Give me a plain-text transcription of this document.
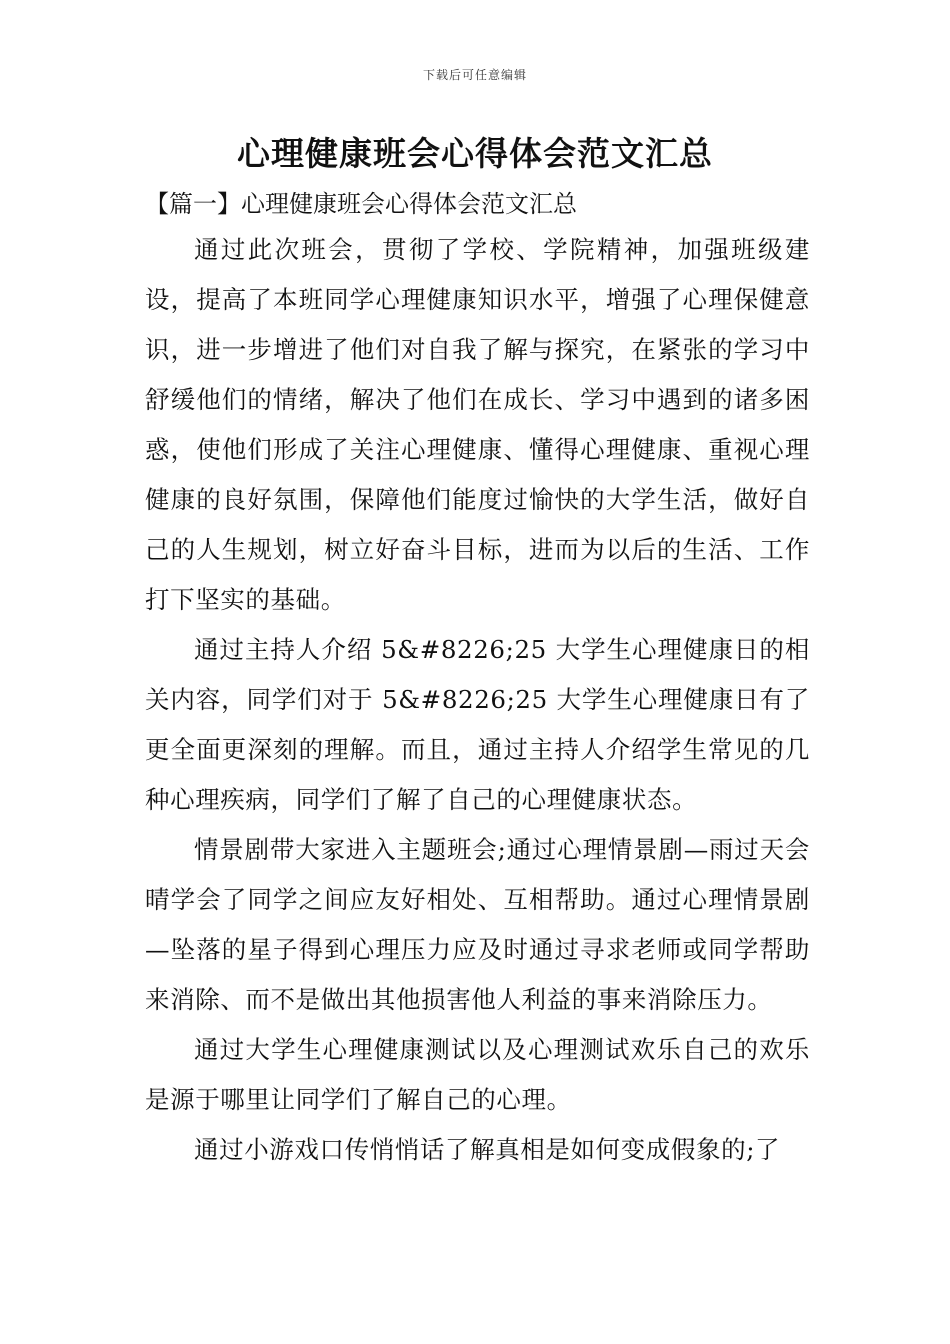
下载后可任意编辑
心理健康班会心得体会范文汇总
【篇一】心理健康班会心得体会范文汇总

通过此次班会，贯彻了学校、学院精神，加强班级建设，提高了本班同学心理健康知识水平，增强了心理保健意识，进一步增进了他们对自我了解与探究，在紧张的学习中舒缓他们的情绪，解决了他们在成长、学习中遇到的诸多困惑，使他们形成了关注心理健康、懂得心理健康、重视心理健康的良好氛围，保障他们能度过愉快的大学生活，做好自己的人生规划，树立好奋斗目标，进而为以后的生活、工作打下坚实的基础。

通过主持人介绍 5&#8226;25 大学生心理健康日的相关内容，同学们对于 5&#8226;25 大学生心理健康日有了更全面更深刻的理解。而且，通过主持人介绍学生常见的几种心理疾病，同学们了解了自己的心理健康状态。

情景剧带大家进入主题班会;通过心理情景剧—雨过天会晴学会了同学之间应友好相处、互相帮助。通过心理情景剧—坠落的星子得到心理压力应及时通过寻求老师或同学帮助来消除、而不是做出其他损害他人利益的事来消除压力。

通过大学生心理健康测试以及心理测试欢乐自己的欢乐是源于哪里让同学们了解自己的心理。

通过小游戏口传悄悄话了解真相是如何变成假象的;了
